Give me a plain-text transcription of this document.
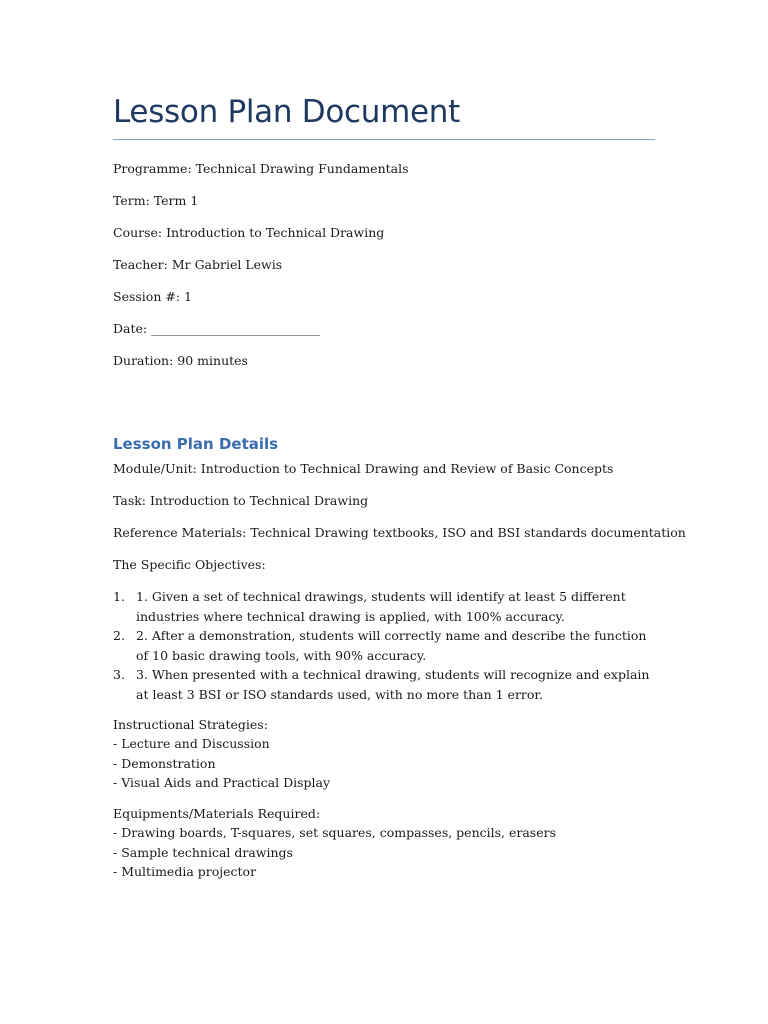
Lesson Plan Document

Programme: Technical Drawing Fundamentals

Term: Term 1

Course: Introduction to Technical Drawing

Teacher: Mr Gabriel Lewis

Session #: 1

Date: ___________________________

Duration: 90 minutes

Lesson Plan Details

Module/Unit: Introduction to Technical Drawing and Review of Basic Concepts

Task: Introduction to Technical Drawing

Reference Materials: Technical Drawing textbooks, ISO and BSI standards documentation

The Specific Objectives:

1. 1. Given a set of technical drawings, students will identify at least 5 different industries where technical drawing is applied, with 100% accuracy.
2. 2. After a demonstration, students will correctly name and describe the function of 10 basic drawing tools, with 90% accuracy.
3. 3. When presented with a technical drawing, students will recognize and explain at least 3 BSI or ISO standards used, with no more than 1 error.
Instructional Strategies:
- Lecture and Discussion
- Demonstration
- Visual Aids and Practical Display
Equipments/Materials Required:
- Drawing boards, T-squares, set squares, compasses, pencils, erasers
- Sample technical drawings
- Multimedia projector
